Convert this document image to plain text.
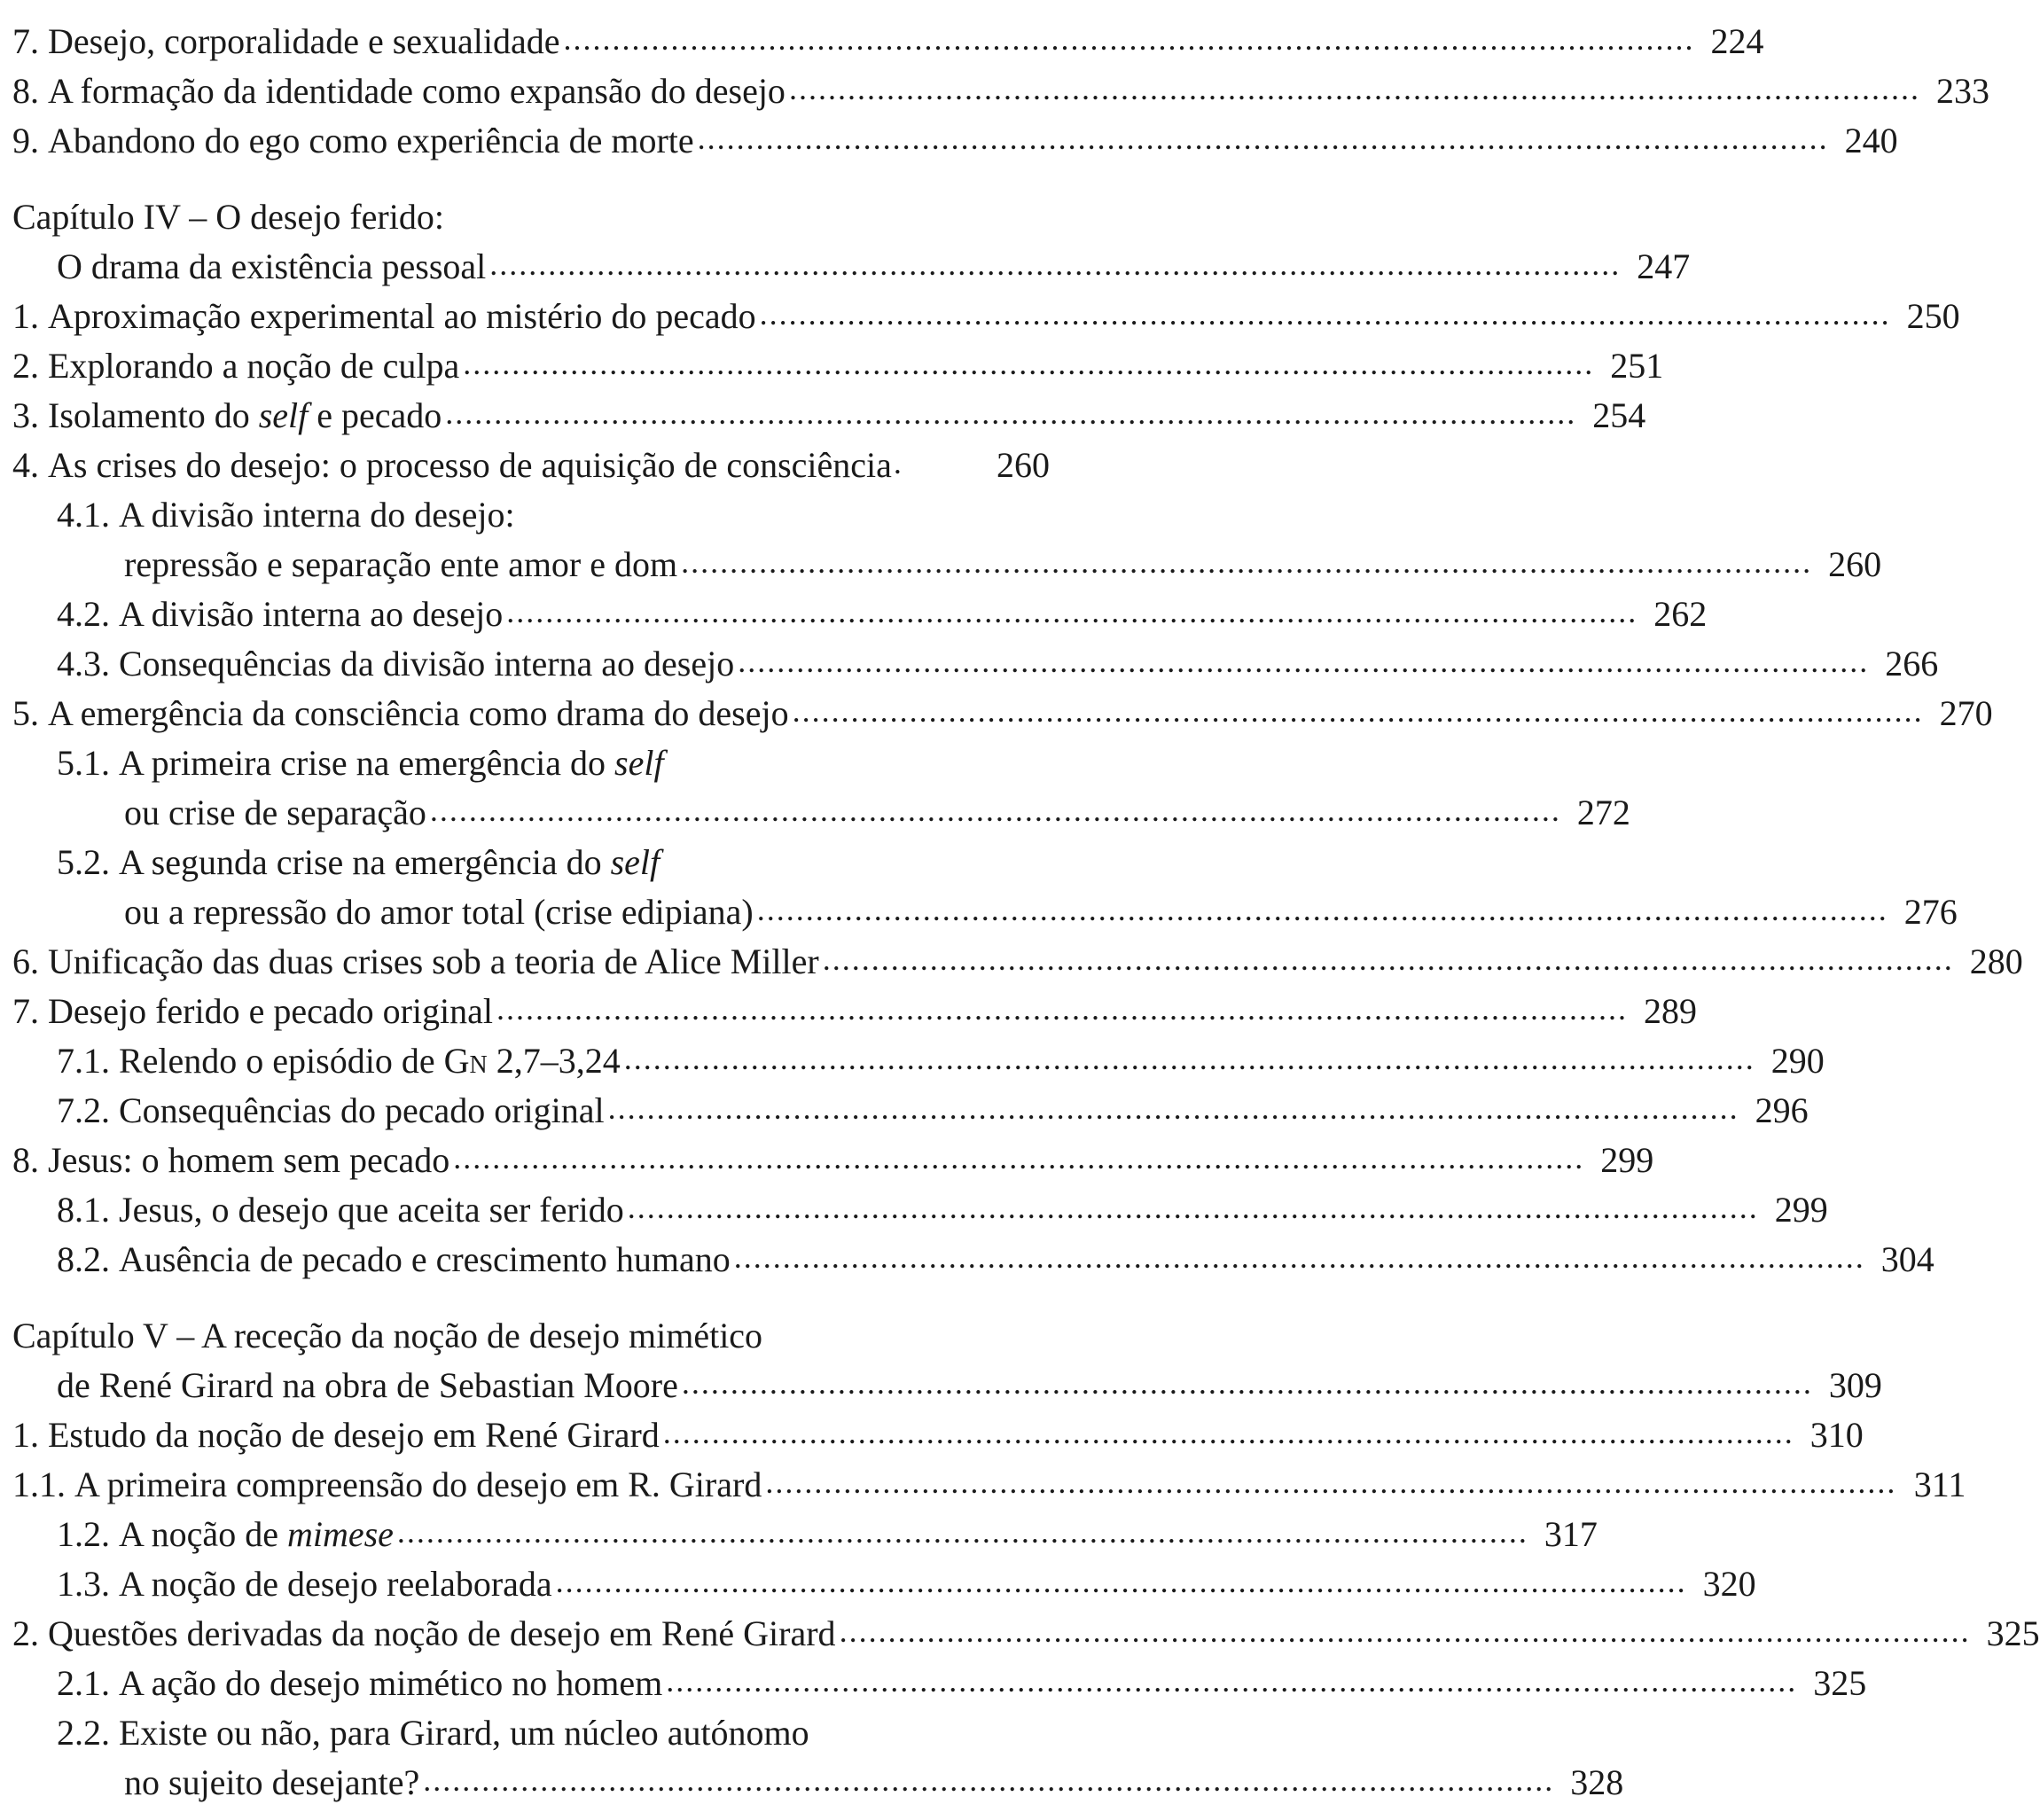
7.
Desejo, corporalidade e sexualidade .................................................................................................................... 224
8.
A formação da identidade como expansão do desejo .................................................................................................................... 233
9.
Abandono do ego como experiência de morte .................................................................................................................... 240
Capítulo IV – O desejo ferido:
O drama da existência pessoal .................................................................................................................... 247
1.
Aproximação experimental ao mistério do pecado .................................................................................................................... 250
2.
Explorando a noção de culpa .................................................................................................................... 251
3.
Isolamento do self e pecado .................................................................................................................... 254
4.
As crises do desejo: o processo de aquisição de consciência .	260
4.1.
A divisão interna do desejo:
repressão e separação ente amor e dom .................................................................................................................... 260
4.2.
A divisão interna ao desejo .................................................................................................................... 262
4.3.
Consequências da divisão interna ao desejo .................................................................................................................... 266
5.
A emergência da consciência como drama do desejo .................................................................................................................... 270
5.1.
A primeira crise na emergência do self
ou crise de separação .................................................................................................................... 272
5.2.
A segunda crise na emergência do self
ou a repressão do amor total (crise edipiana) .................................................................................................................... 276
6.
Unificação das duas crises sob a teoria de Alice Miller .................................................................................................................... 280
7.
Desejo ferido e pecado original .................................................................................................................... 289
7.1.
Relendo o episódio de Gn 2,7–3,24 .................................................................................................................... 290
7.2.
Consequências do pecado original .................................................................................................................... 296
8.
Jesus: o homem sem pecado .................................................................................................................... 299
8.1.
Jesus, o desejo que aceita ser ferido .................................................................................................................... 299
8.2.
Ausência de pecado e crescimento humano .................................................................................................................... 304
Capítulo V – A receção da noção de desejo mimético
de René Girard na obra de Sebastian Moore .................................................................................................................... 309
1.
Estudo da noção de desejo em René Girard .................................................................................................................... 310
1.1.
A primeira compreensão do desejo em R. Girard .................................................................................................................... 311
1.2.
A noção de mimese .................................................................................................................... 317
1.3.
A noção de desejo reelaborada .................................................................................................................... 320
2.
Questões derivadas da noção de desejo em René Girard .................................................................................................................... 325
2.1.
A ação do desejo mimético no homem .................................................................................................................... 325
2.2.
Existe ou não, para Girard, um núcleo autónomo
no sujeito desejante? .................................................................................................................... 328
